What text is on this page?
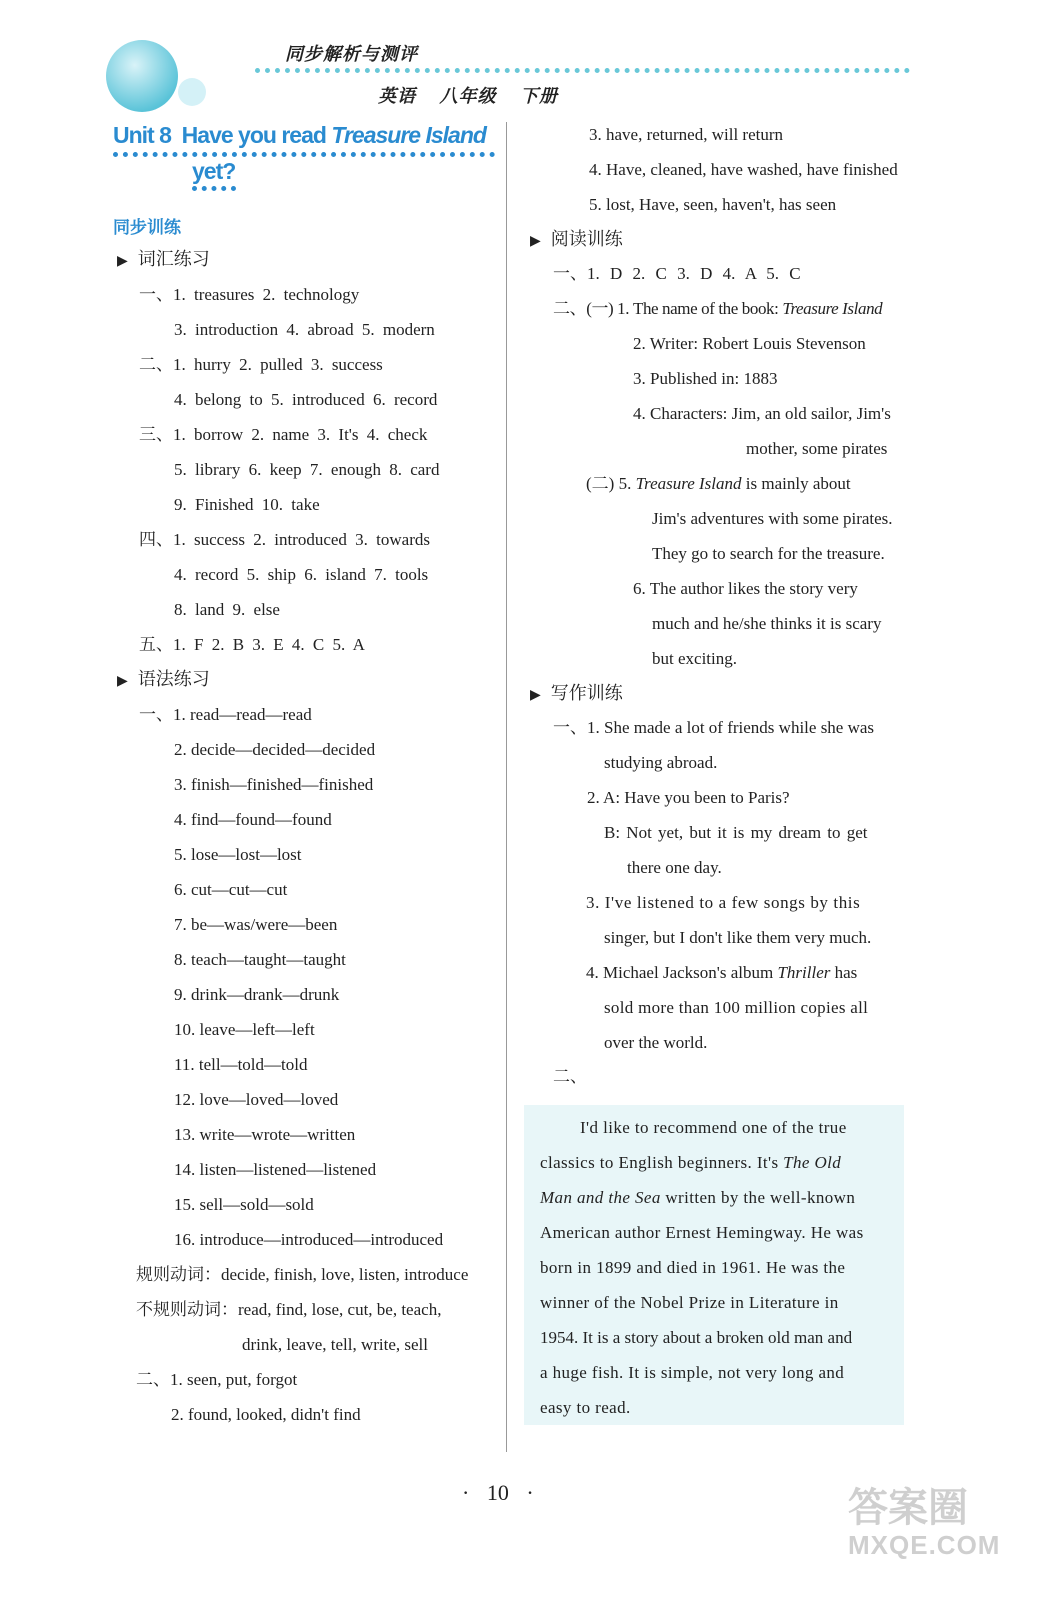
同步解析与测评
英语 八年级 下册
Unit 8 Have you read Treasure Island
yet?
同步训练
▶ 词汇练习
一、1. treasures 2. technology
3. introduction 4. abroad 5. modern
二、1. hurry 2. pulled 3. success
4. belong to 5. introduced 6. record
三、1. borrow 2. name 3. It's 4. check
5. library 6. keep 7. enough 8. card
9. Finished 10. take
四、1. success 2. introduced 3. towards
4. record 5. ship 6. island 7. tools
8. land 9. else
五、1. F 2. B 3. E 4. C 5. A
▶ 语法练习
一、1. read—read—read
2. decide—decided—decided
3. finish—finished—finished
4. find—found—found
5. lose—lost—lost
6. cut—cut—cut
7. be—was/were—been
8. teach—taught—taught
9. drink—drank—drunk
10. leave—left—left
11. tell—told—told
12. love—loved—loved
13. write—wrote—written
14. listen—listened—listened
15. sell—sold—sold
16. introduce—introduced—introduced
规则动词：decide, finish, love, listen, introduce
不规则动词：read, find, lose, cut, be, teach,
drink, leave, tell, write, sell
二、1. seen, put, forgot
2. found, looked, didn't find
3. have, returned, will return
4. Have, cleaned, have washed, have finished
5. lost, Have, seen, haven't, has seen
▶ 阅读训练
一、1. D 2. C 3. D 4. A 5. C
二、(一) 1. The name of the book: Treasure Island
2. Writer: Robert Louis Stevenson
3. Published in: 1883
4. Characters: Jim, an old sailor, Jim's
mother, some pirates
(二) 5. Treasure Island is mainly about
Jim's adventures with some pirates.
They go to search for the treasure.
6. The author likes the story very
much and he/she thinks it is scary
but exciting.
▶ 写作训练
一、1. She made a lot of friends while she was
studying abroad.
2. A: Have you been to Paris?
B: Not yet, but it is my dream to get
there one day.
3. I've listened to a few songs by this
singer, but I don't like them very much.
4. Michael Jackson's album Thriller has
sold more than 100 million copies all
over the world.
二、
I'd like to recommend one of the true
classics to English beginners. It's The Old
Man and the Sea written by the well-known
American author Ernest Hemingway. He was
born in 1899 and died in 1961. He was the
winner of the Nobel Prize in Literature in
1954. It is a story about a broken old man and
a huge fish. It is simple, not very long and
easy to read.
· 10 ·	答案圈
MXQE.COM
